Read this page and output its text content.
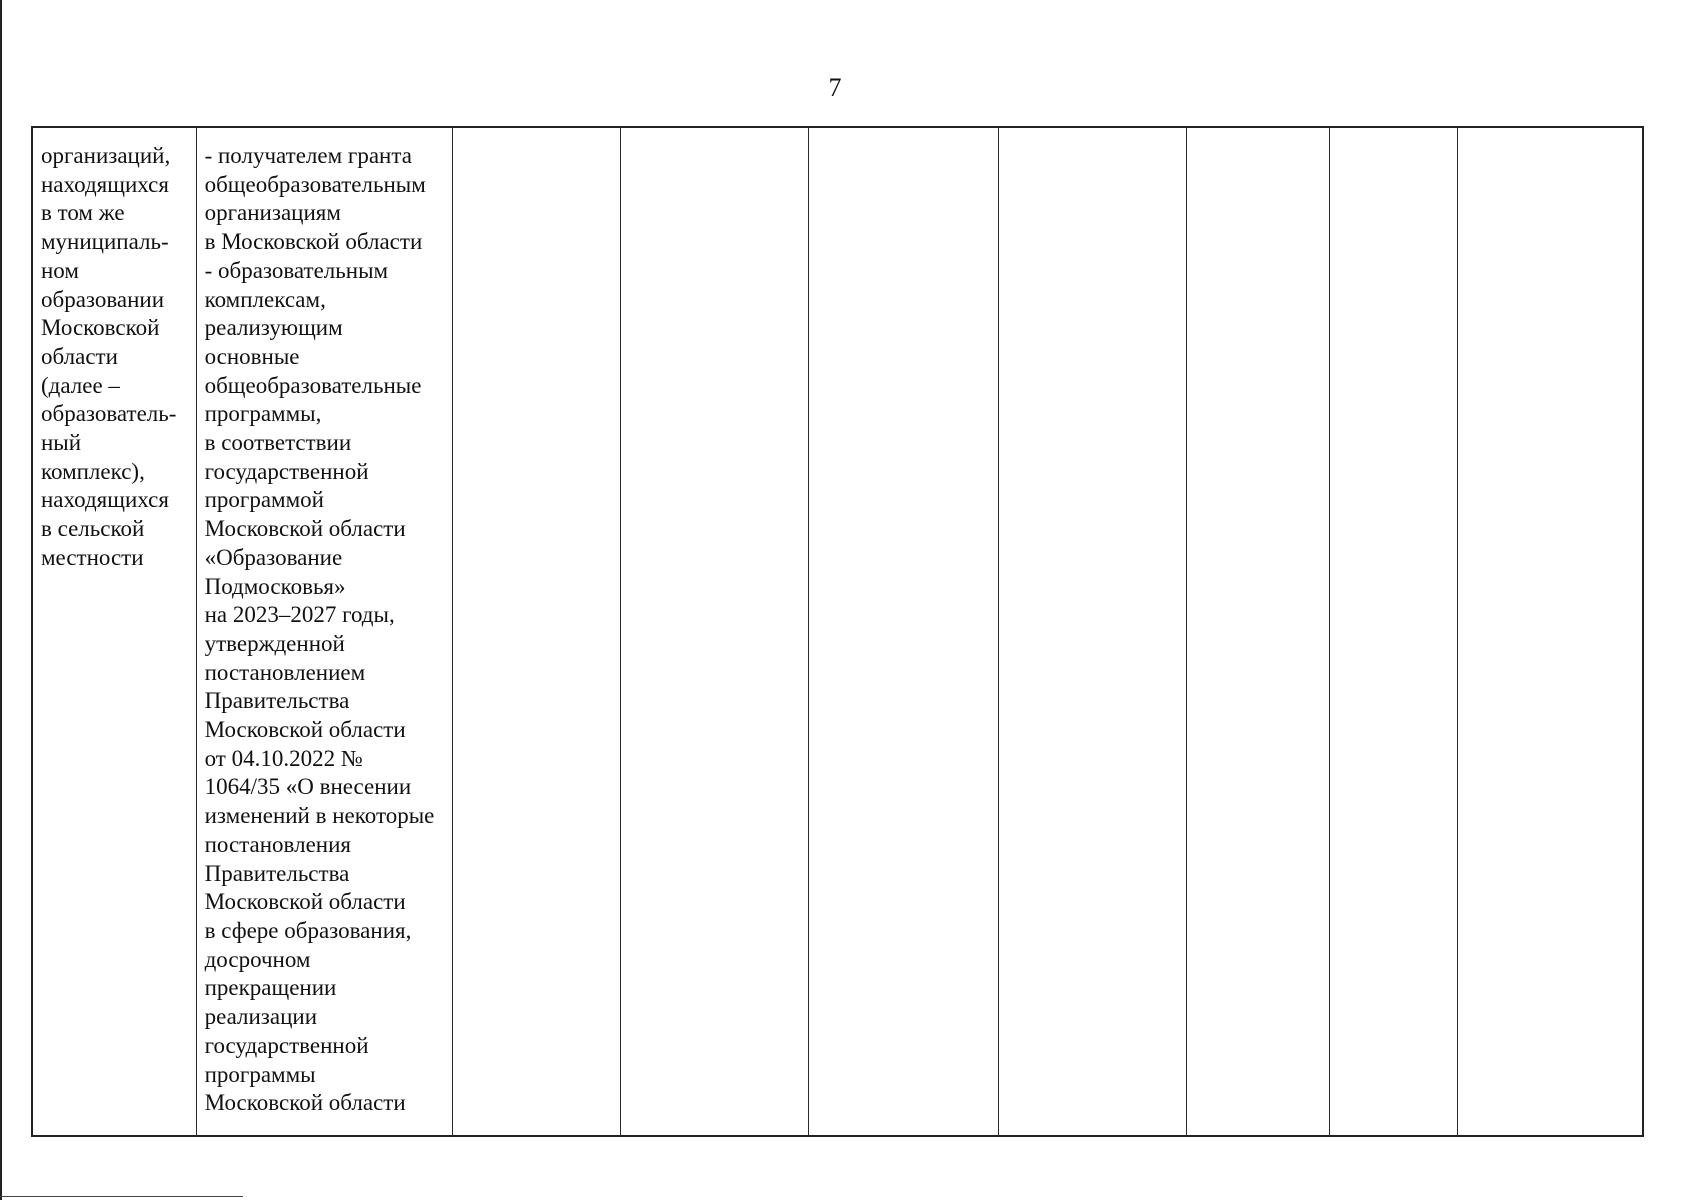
7
организаций,
находящихся
в том же
муниципаль-
ном
образовании
Московской
области
(далее –
образователь-
ный
комплекс),
находящихся
в сельской
местности
- получателем гранта
общеобразовательным
организациям
в Московской области
- образовательным
комплексам,
реализующим
основные
общеобразовательные
программы,
в соответствии
государственной
программой
Московской области
«Образование
Подмосковья»
на 2023–2027 годы,
утвержденной
постановлением
Правительства
Московской области
от 04.10.2022 №
1064/35 «О внесении
изменений в некоторые
постановления
Правительства
Московской области
в сфере образования,
досрочном
прекращении
реализации
государственной
программы
Московской области
